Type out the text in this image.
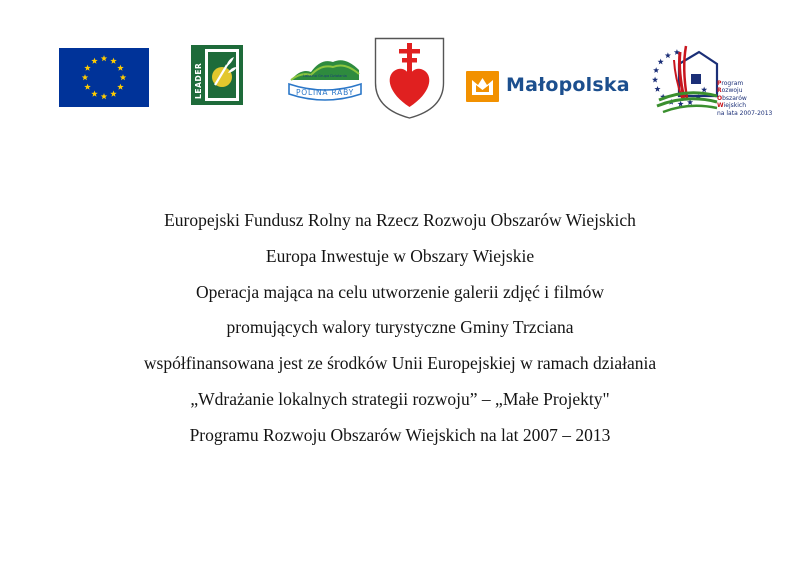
LEADER	Lokalna Grupa Działania
POLINA RABY	Małopolska	Program
Rozwoju
Obszarów
Wiejskich
na lata 2007-2013
Europejski Fundusz Rolny na Rzecz Rozwoju Obszarów Wiejskich
Europa Inwestuje w Obszary Wiejskie
Operacja mająca na celu utworzenie galerii zdjęć i filmów
promujących walory turystyczne Gminy Trzciana
współfinansowana jest ze środków Unii Europejskiej w ramach działania
„Wdrażanie lokalnych strategii rozwoju” – „Małe Projekty"
Programu Rozwoju Obszarów Wiejskich na lat 2007 – 2013
